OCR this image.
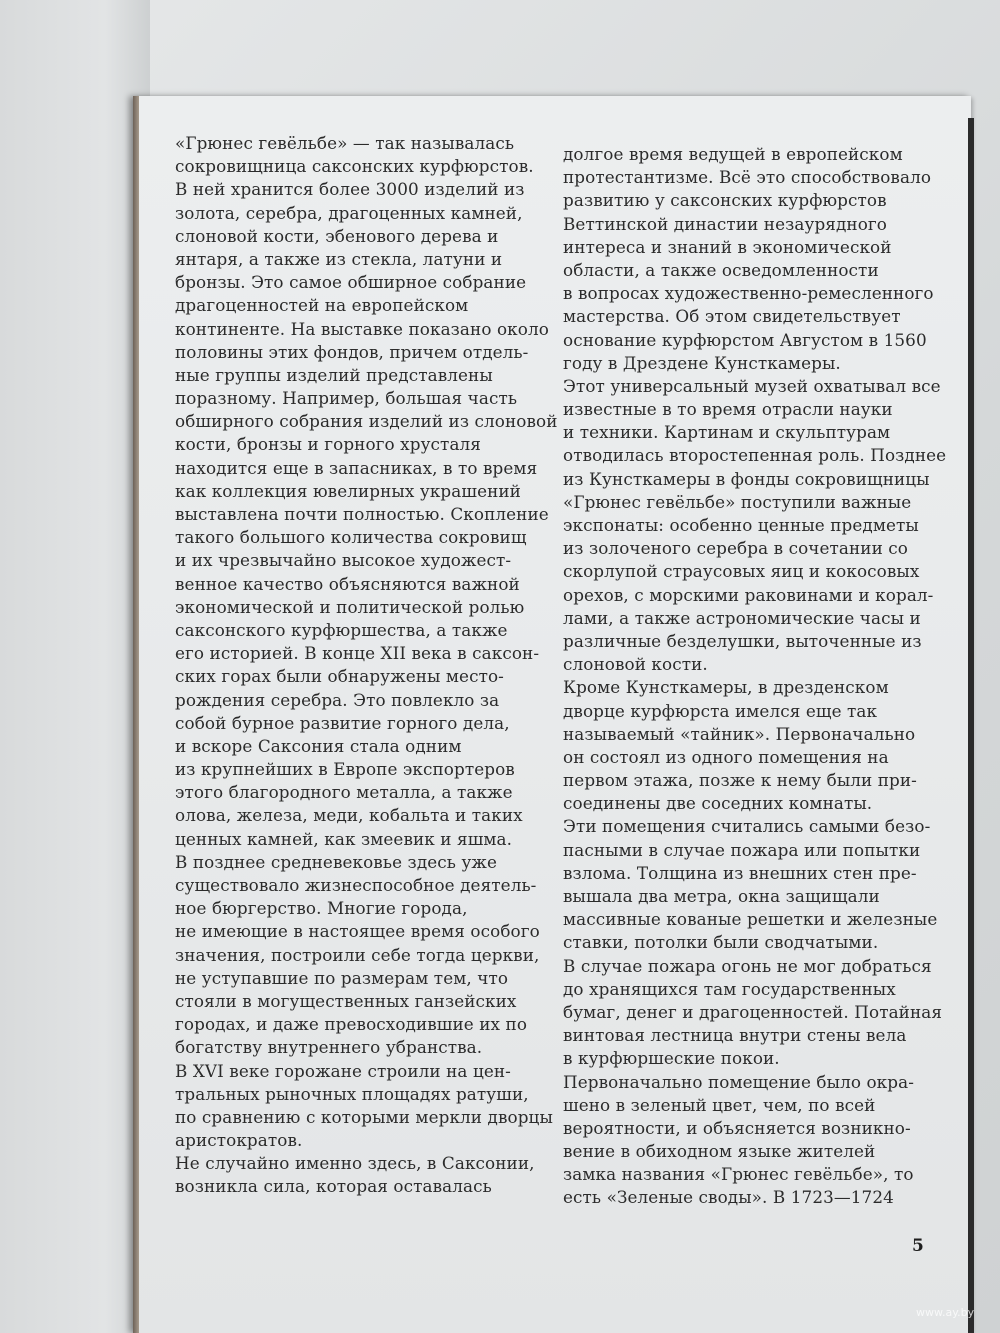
«Грюнес гевёльбе» — так называлась
сокровищница саксонских курфюрстов.
В ней хранится более 3000 изделий из
золота, серебра, драгоценных камней,
слоновой кости, эбенового дерева и
янтаря, а также из стекла, латуни и
бронзы. Это самое обширное собрание
драгоценностей на европейском
континенте. На выставке показано около
половины этих фондов, причем отдель-
ные группы изделий представлены
поразному. Например, большая часть
обширного собрания изделий из слоновой
кости, бронзы и горного хрусталя
находится еще в запасниках, в то время
как коллекция ювелирных украшений
выставлена почти полностью. Скопление
такого большого количества сокровищ
и их чрезвычайно высокое художест-
венное качество объясняются важной
экономической и политической ролью
саксонского курфюршества, а также
его историей. В конце XII века в саксон-
ских горах были обнаружены место-
рождения серебра. Это повлекло за
собой бурное развитие горного дела,
и вскоре Саксония стала одним
из крупнейших в Европе экспортеров
этого благородного металла, а также
олова, железа, меди, кобальта и таких
ценных камней, как змеевик и яшма.
В позднее средневековье здесь уже
существовало жизнеспособное деятель-
ное бюргерство. Многие города,
не имеющие в настоящее время особого
значения, построили себе тогда церкви,
не уступавшие по размерам тем, что
стояли в могущественных ганзейских
городах, и даже превосходившие их по
богатству внутреннего убранства.
В XVI веке горожане строили на цен-
тральных рыночных площадях ратуши,
по сравнению с которыми меркли дворцы
аристократов.
Не случайно именно здесь, в Саксонии,
возникла сила, которая оставалась
долгое время ведущей в европейском
протестантизме. Всё это способствовало
развитию у саксонских курфюрстов
Веттинской династии незаурядного
интереса и знаний в экономической
области, а также осведомленности
в вопросах художественно-ремесленного
мастерства. Об этом свидетельствует
основание курфюрстом Августом в 1560
году в Дрездене Кунсткамеры.
Этот универсальный музей охватывал все
известные в то время отрасли науки
и техники. Картинам и скульптурам
отводилась второстепенная роль. Позднее
из Кунсткамеры в фонды сокровищницы
«Грюнес гевёльбе» поступили важные
экспонаты: особенно ценные предметы
из золоченого серебра в сочетании со
скорлупой страусовых яиц и кокосовых
орехов, с морскими раковинами и корал-
лами, а также астрономические часы и
различные безделушки, выточенные из
слоновой кости.
Кроме Кунсткамеры, в дрезденском
дворце курфюрста имелся еще так
называемый «тайник». Первоначально
он состоял из одного помещения на
первом этажа, позже к нему были при-
соединены две соседних комнаты.
Эти помещения считались самыми безо-
пасными в случае пожара или попытки
взлома. Толщина из внешних стен пре-
вышала два метра, окна защищали
массивные кованые решетки и железные
ставки, потолки были сводчатыми.
В случае пожара огонь не мог добраться
до хранящихся там государственных
бумаг, денег и драгоценностей. Потайная
винтовая лестница внутри стены вела
в курфюршеские покои.
Первоначально помещение было окра-
шено в зеленый цвет, чем, по всей
вероятности, и объясняется возникно-
вение в обиходном языке жителей
замка названия «Грюнес гевёльбе», то
есть «Зеленые своды». В 1723—1724
5
www.ay.by
